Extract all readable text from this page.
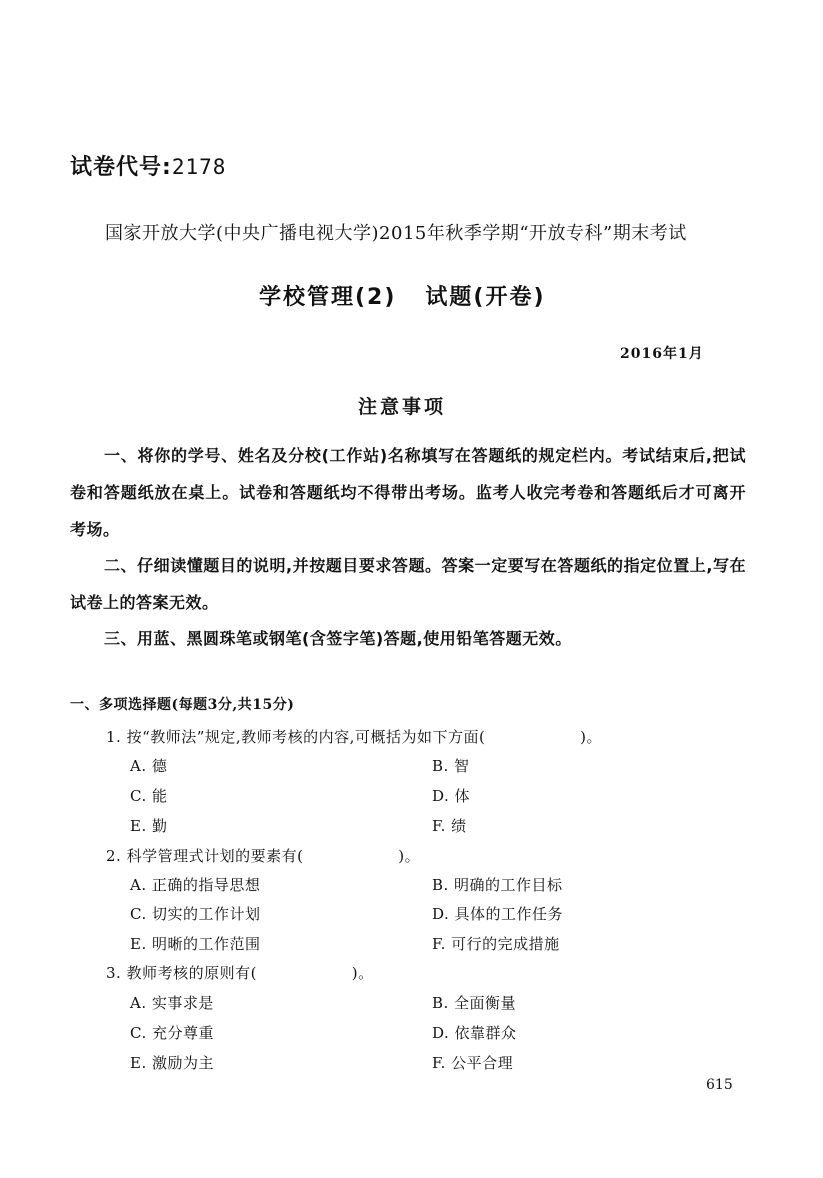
试卷代号:2178
国家开放大学(中央广播电视大学)2015年秋季学期“开放专科”期末考试
学校管理(2)   试题(开卷)
2016年1月
注意事项

一、将你的学号、姓名及分校(工作站)名称填写在答题纸的规定栏内。考试结束后,把试卷和答题纸放在桌上。试卷和答题纸均不得带出考场。监考人收完考卷和答题纸后才可离开考场。

二、仔细读懂题目的说明,并按题目要求答题。答案一定要写在答题纸的指定位置上,写在试卷上的答案无效。

三、用蓝、黑圆珠笔或钢笔(含签字笔)答题,使用铅笔答题无效。

一、多项选择题(每题3分,共15分)
1. 按“教师法”规定,教师考核的内容,可概括为如下方面(                  )。
A. 德	B. 智
C. 能	D. 体
E. 勤	F. 绩
2. 科学管理式计划的要素有(                  )。
A. 正确的指导思想	B. 明确的工作目标
C. 切实的工作计划	D. 具体的工作任务
E. 明晰的工作范围	F. 可行的完成措施
3. 教师考核的原则有(                  )。
A. 实事求是	B. 全面衡量
C. 充分尊重	D. 依靠群众
E. 激励为主	F. 公平合理
615
